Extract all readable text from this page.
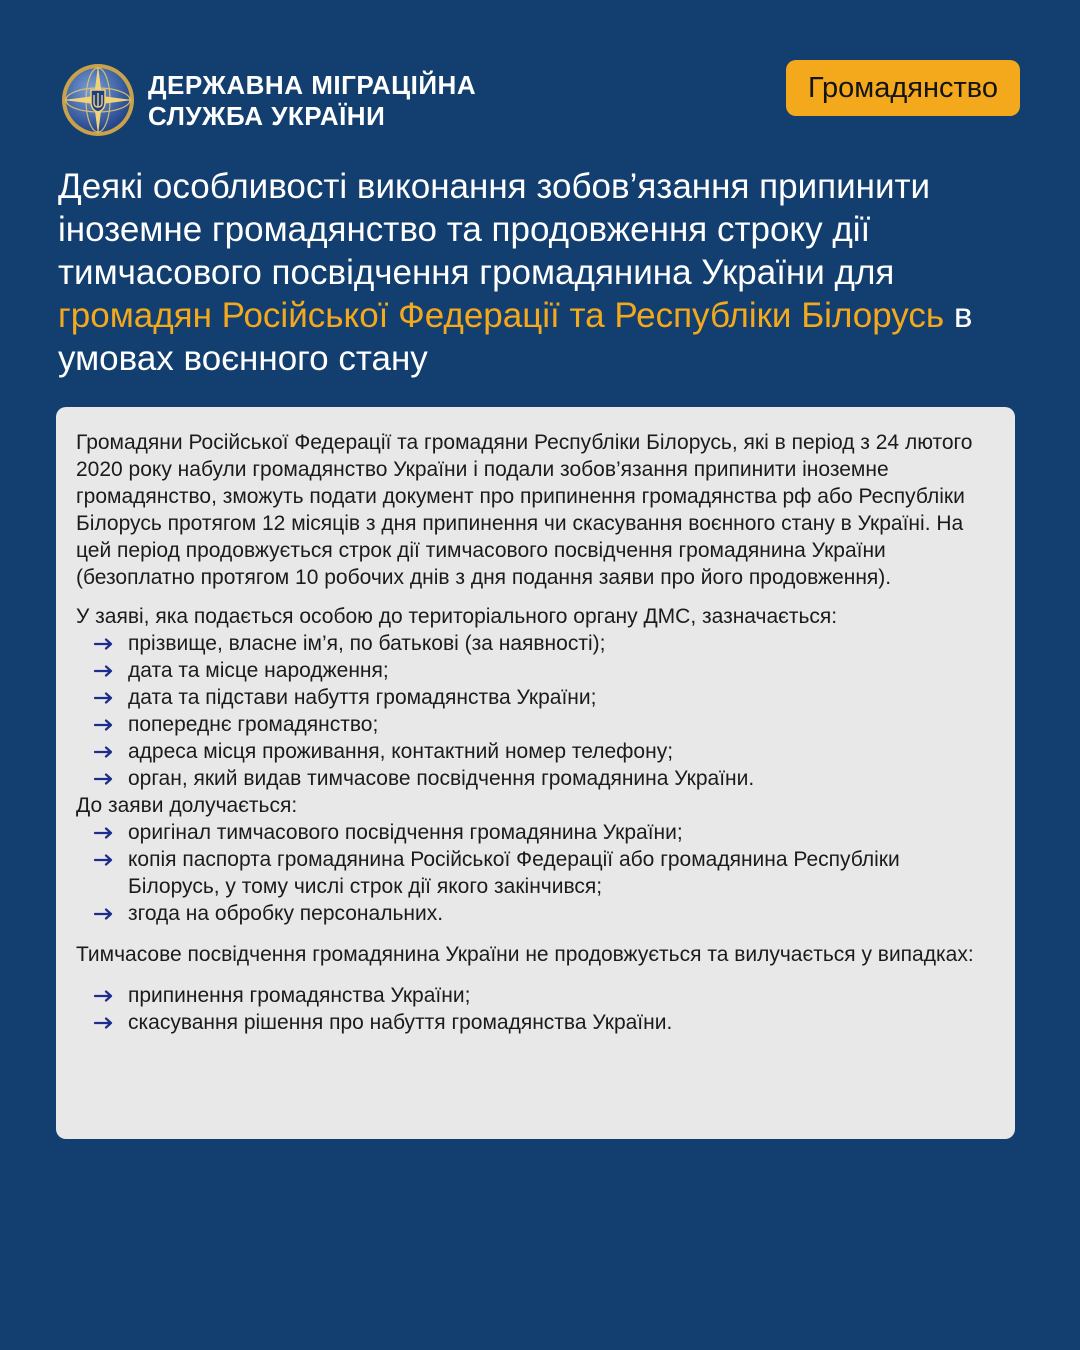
ДЕРЖАВНА МІГРАЦІЙНА
СЛУЖБА УКРАЇНИ
Громадянство
Деякі особливості виконання зобов’язання припинити іноземне громадянство та продовження строку дії тимчасового посвідчення громадянина України для громадян Російської Федерації та Республіки Білорусь в умовах воєнного стану

Громадяни Російської Федерації та громадяни Республіки Білорусь, які в період з 24 лютого 2020 року набули громадянство України і подали зобов’язання припинити іноземне громадянство, зможуть подати документ про припинення громадянства рф або Республіки Білорусь протягом 12 місяців з дня припинення чи скасування воєнного стану в Україні. На цей період продовжується строк дії тимчасового посвідчення громадянина України (безоплатно протягом 10 робочих днів з дня подання заяви про його продовження).

У заяві, яка подається особою до територіального органу ДМС, зазначається:

прізвище, власне ім’я, по батькові (за наявності);
дата та місце народження;
дата та підстави набуття громадянства України;
попереднє громадянство;
адреса місця проживання, контактний номер телефону;
орган, який видав тимчасове посвідчення громадянина України.

До заяви долучається:

оригінал тимчасового посвідчення громадянина України;
копія паспорта громадянина Російської Федерації або громадянина Республіки Білорусь, у тому числі строк дії якого закінчився;
згода на обробку персональних.

Тимчасове посвідчення громадянина України не продовжується та вилучається у випадках:

припинення громадянства України;
скасування рішення про набуття громадянства України.
